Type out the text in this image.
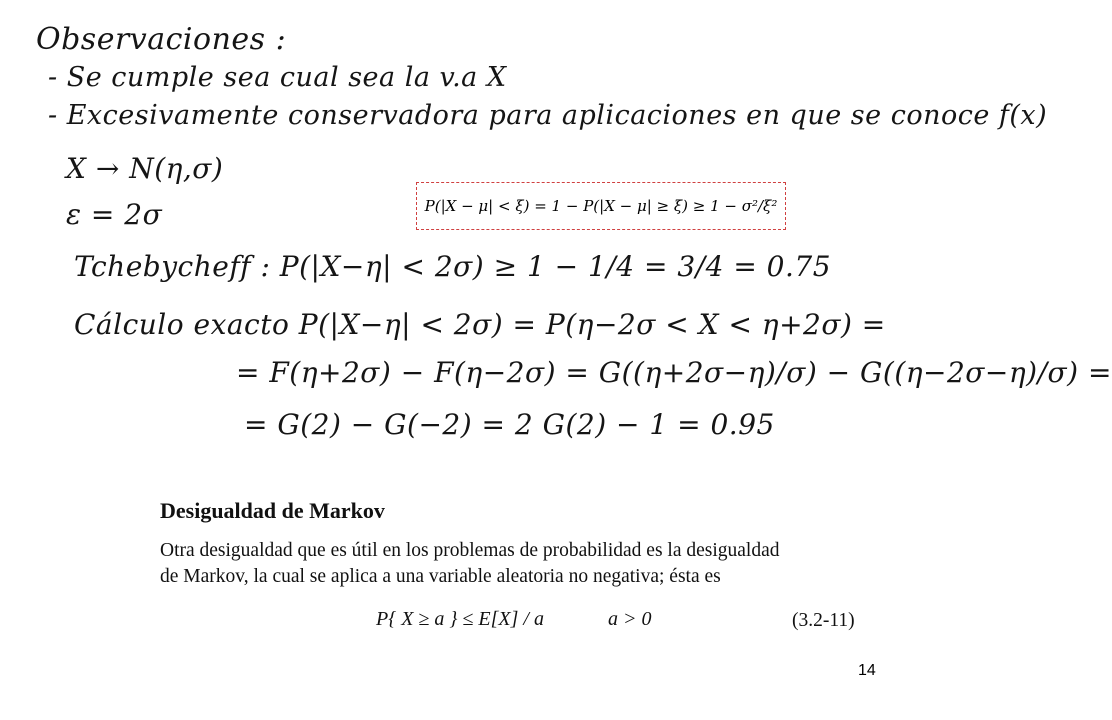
Observaciones :
- Se cumple sea cual sea la v.a X
- Excesivamente conservadora para aplicaciones en que se conoce f(x)
X → N(η,σ)
ε = 2σ
Tchebycheff : P(|X−η| < 2σ) ≥ 1 − 1/4 = 3/4 = 0.75
Cálculo exacto P(|X−η| < 2σ) = P(η−2σ < X < η+2σ) =
= F(η+2σ) − F(η−2σ) = G((η+2σ−η)/σ) − G((η−2σ−η)/σ) =
= G(2) − G(−2) = 2 G(2) − 1 = 0.95
P(|X − μ| < ξ) = 1 − P(|X − μ| ≥ ξ) ≥ 1 − σ²/ξ²
Desigualdad de Markov
Otra desigualdad que es útil en los problemas de probabilidad es la desigualdad
de Markov, la cual se aplica a una variable aleatoria no negativa; ésta es
P{ X ≥ a } ≤ E[X] / a	a > 0	(3.2-11)
14
